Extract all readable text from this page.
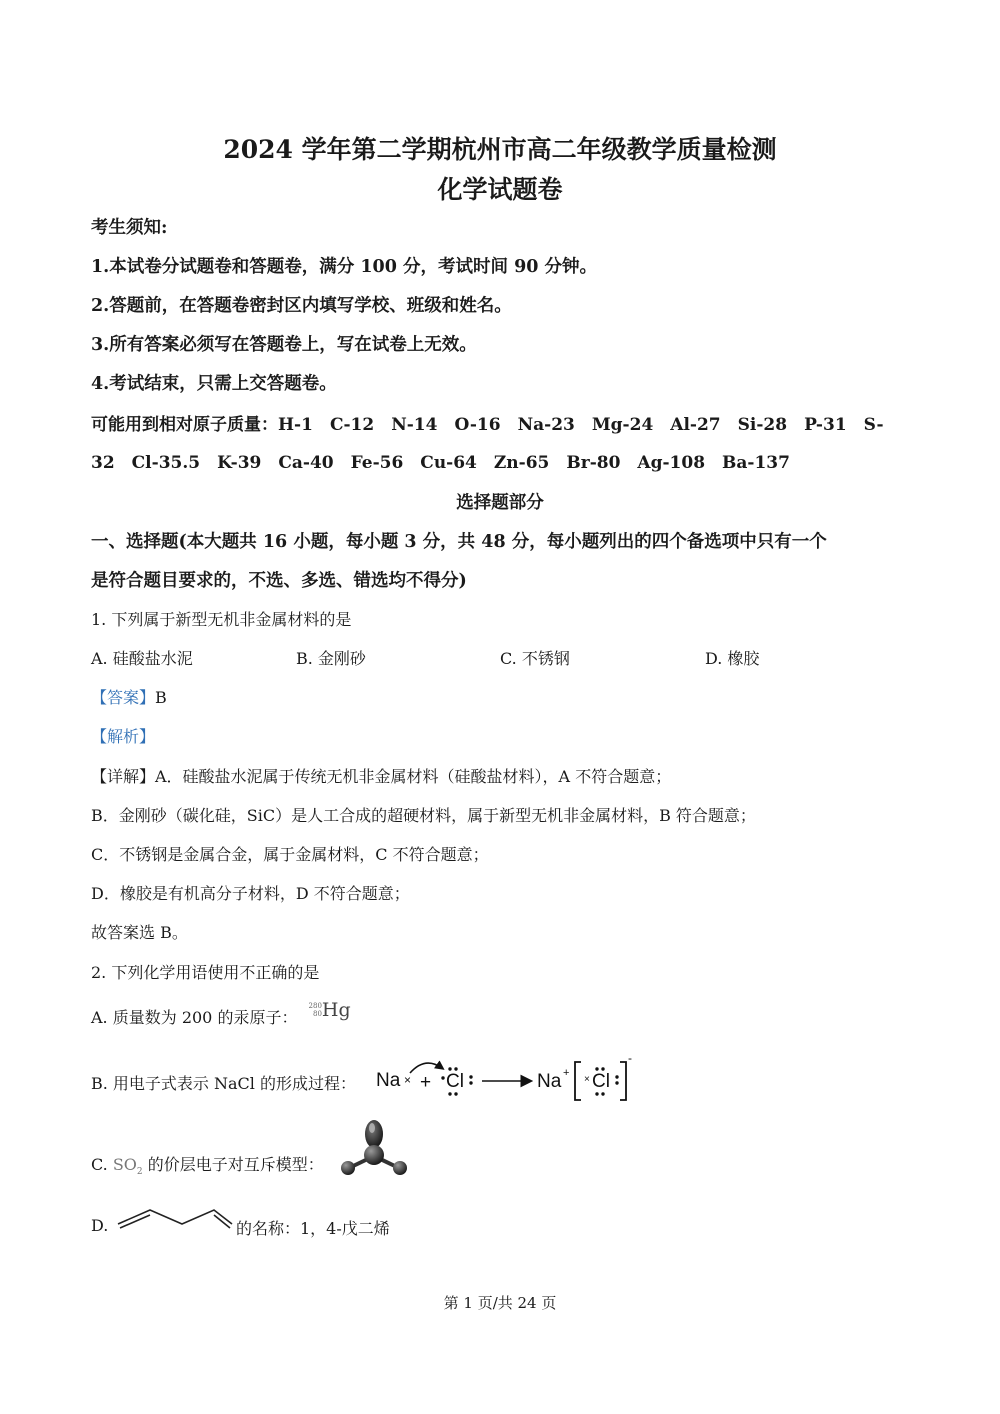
2024 学年第二学期杭州市高二年级教学质量检测
化学试题卷
考生须知:
1.本试卷分试题卷和答题卷，满分 100 分，考试时间 90 分钟。
2.答题前，在答题卷密封区内填写学校、班级和姓名。
3.所有答案必须写在答题卷上，写在试卷上无效。
4.考试结束，只需上交答题卷。
可能用到相对原子质量：H-1　C-12　N-14　O-16　Na-23　Mg-24　Al-27　Si-28　P-31　S-
32　Cl-35.5　K-39　Ca-40　Fe-56　Cu-64　Zn-65　Br-80　Ag-108　Ba-137
选择题部分
一、选择题(本大题共 16 小题，每小题 3 分，共 48 分，每小题列出的四个备选项中只有一个
是符合题目要求的，不选、多选、错选均不得分)
1. 下列属于新型无机非金属材料的是
A. 硅酸盐水泥	B. 金刚砂	C. 不锈钢	D. 橡胶
【答案】B
【解析】
【详解】A．硅酸盐水泥属于传统无机非金属材料（硅酸盐材料），A 不符合题意；
B．金刚砂（碳化硅，SiC）是人工合成的超硬材料，属于新型无机非金属材料，B 符合题意；
C．不锈钢是金属合金，属于金属材料，C 不符合题意；
D．橡胶是有机高分子材料，D 不符合题意；
故答案选 B。
2. 下列化学用语使用不正确的是
A. 质量数为 200 的汞原子： 280
80Hg
B. 用电子式表示 NaCl 的形成过程： Na × + Cl	Na +
× Cl
-
C. $SO_2$ 的价层电子对互斥模型：
D.	的名称：1，4-戊二烯
第 1 页/共 24 页
